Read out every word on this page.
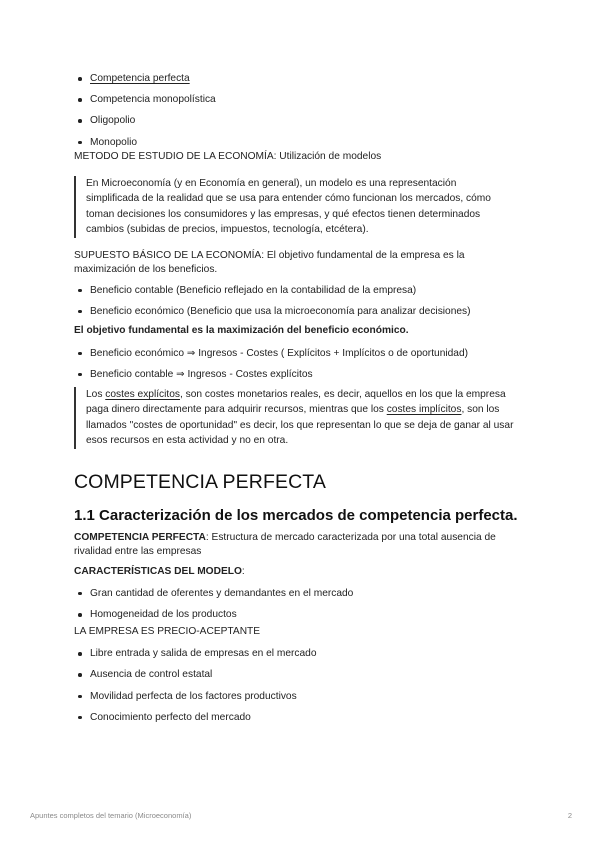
Competencia perfecta
Competencia monopolística
Oligopolio
Monopolio

METODO DE ESTUDIO DE LA ECONOMÍA: Utilización de modelos

En Microeconomía (y en Economía en general), un modelo es una representación simplificada de la realidad que se usa para entender cómo funcionan los mercados, cómo toman decisiones los consumidores y las empresas, y qué efectos tienen determinados cambios (subidas de precios, impuestos, tecnología, etcétera).

SUPUESTO BÁSICO DE LA ECONOMÍA: El objetivo fundamental de la empresa es la maximización de los beneficios.

Beneficio contable (Beneficio reflejado en la contabilidad de la empresa)
Beneficio económico (Beneficio que usa la microeconomía para analizar decisiones)

El objetivo fundamental es la maximización del beneficio económico.

Beneficio económico ⇒ Ingresos - Costes ( Explícitos + Implícitos o de oportunidad)
Beneficio contable ⇒ Ingresos - Costes explícitos
Los costes explícitos, son costes monetarios reales, es decir, aquellos en los que la empresa paga dinero directamente para adquirir recursos, mientras que los costes implícitos, son los llamados "costes de oportunidad" es decir, los que representan lo que se deja de ganar al usar esos recursos en esta actividad y no en otra.
COMPETENCIA PERFECTA
1.1 Caracterización de los mercados de competencia perfecta.

COMPETENCIA PERFECTA: Estructura de mercado caracterizada por una total ausencia de rivalidad entre las empresas

CARACTERÍSTICAS DEL MODELO:

Gran cantidad de oferentes y demandantes en el mercado
Homogeneidad de los productos

LA EMPRESA ES PRECIO-ACEPTANTE

Libre entrada y salida de empresas en el mercado
Ausencia de control estatal
Movilidad perfecta de los factores productivos
Conocimiento perfecto del mercado
Apuntes completos del temario (Microeconomía)	2
